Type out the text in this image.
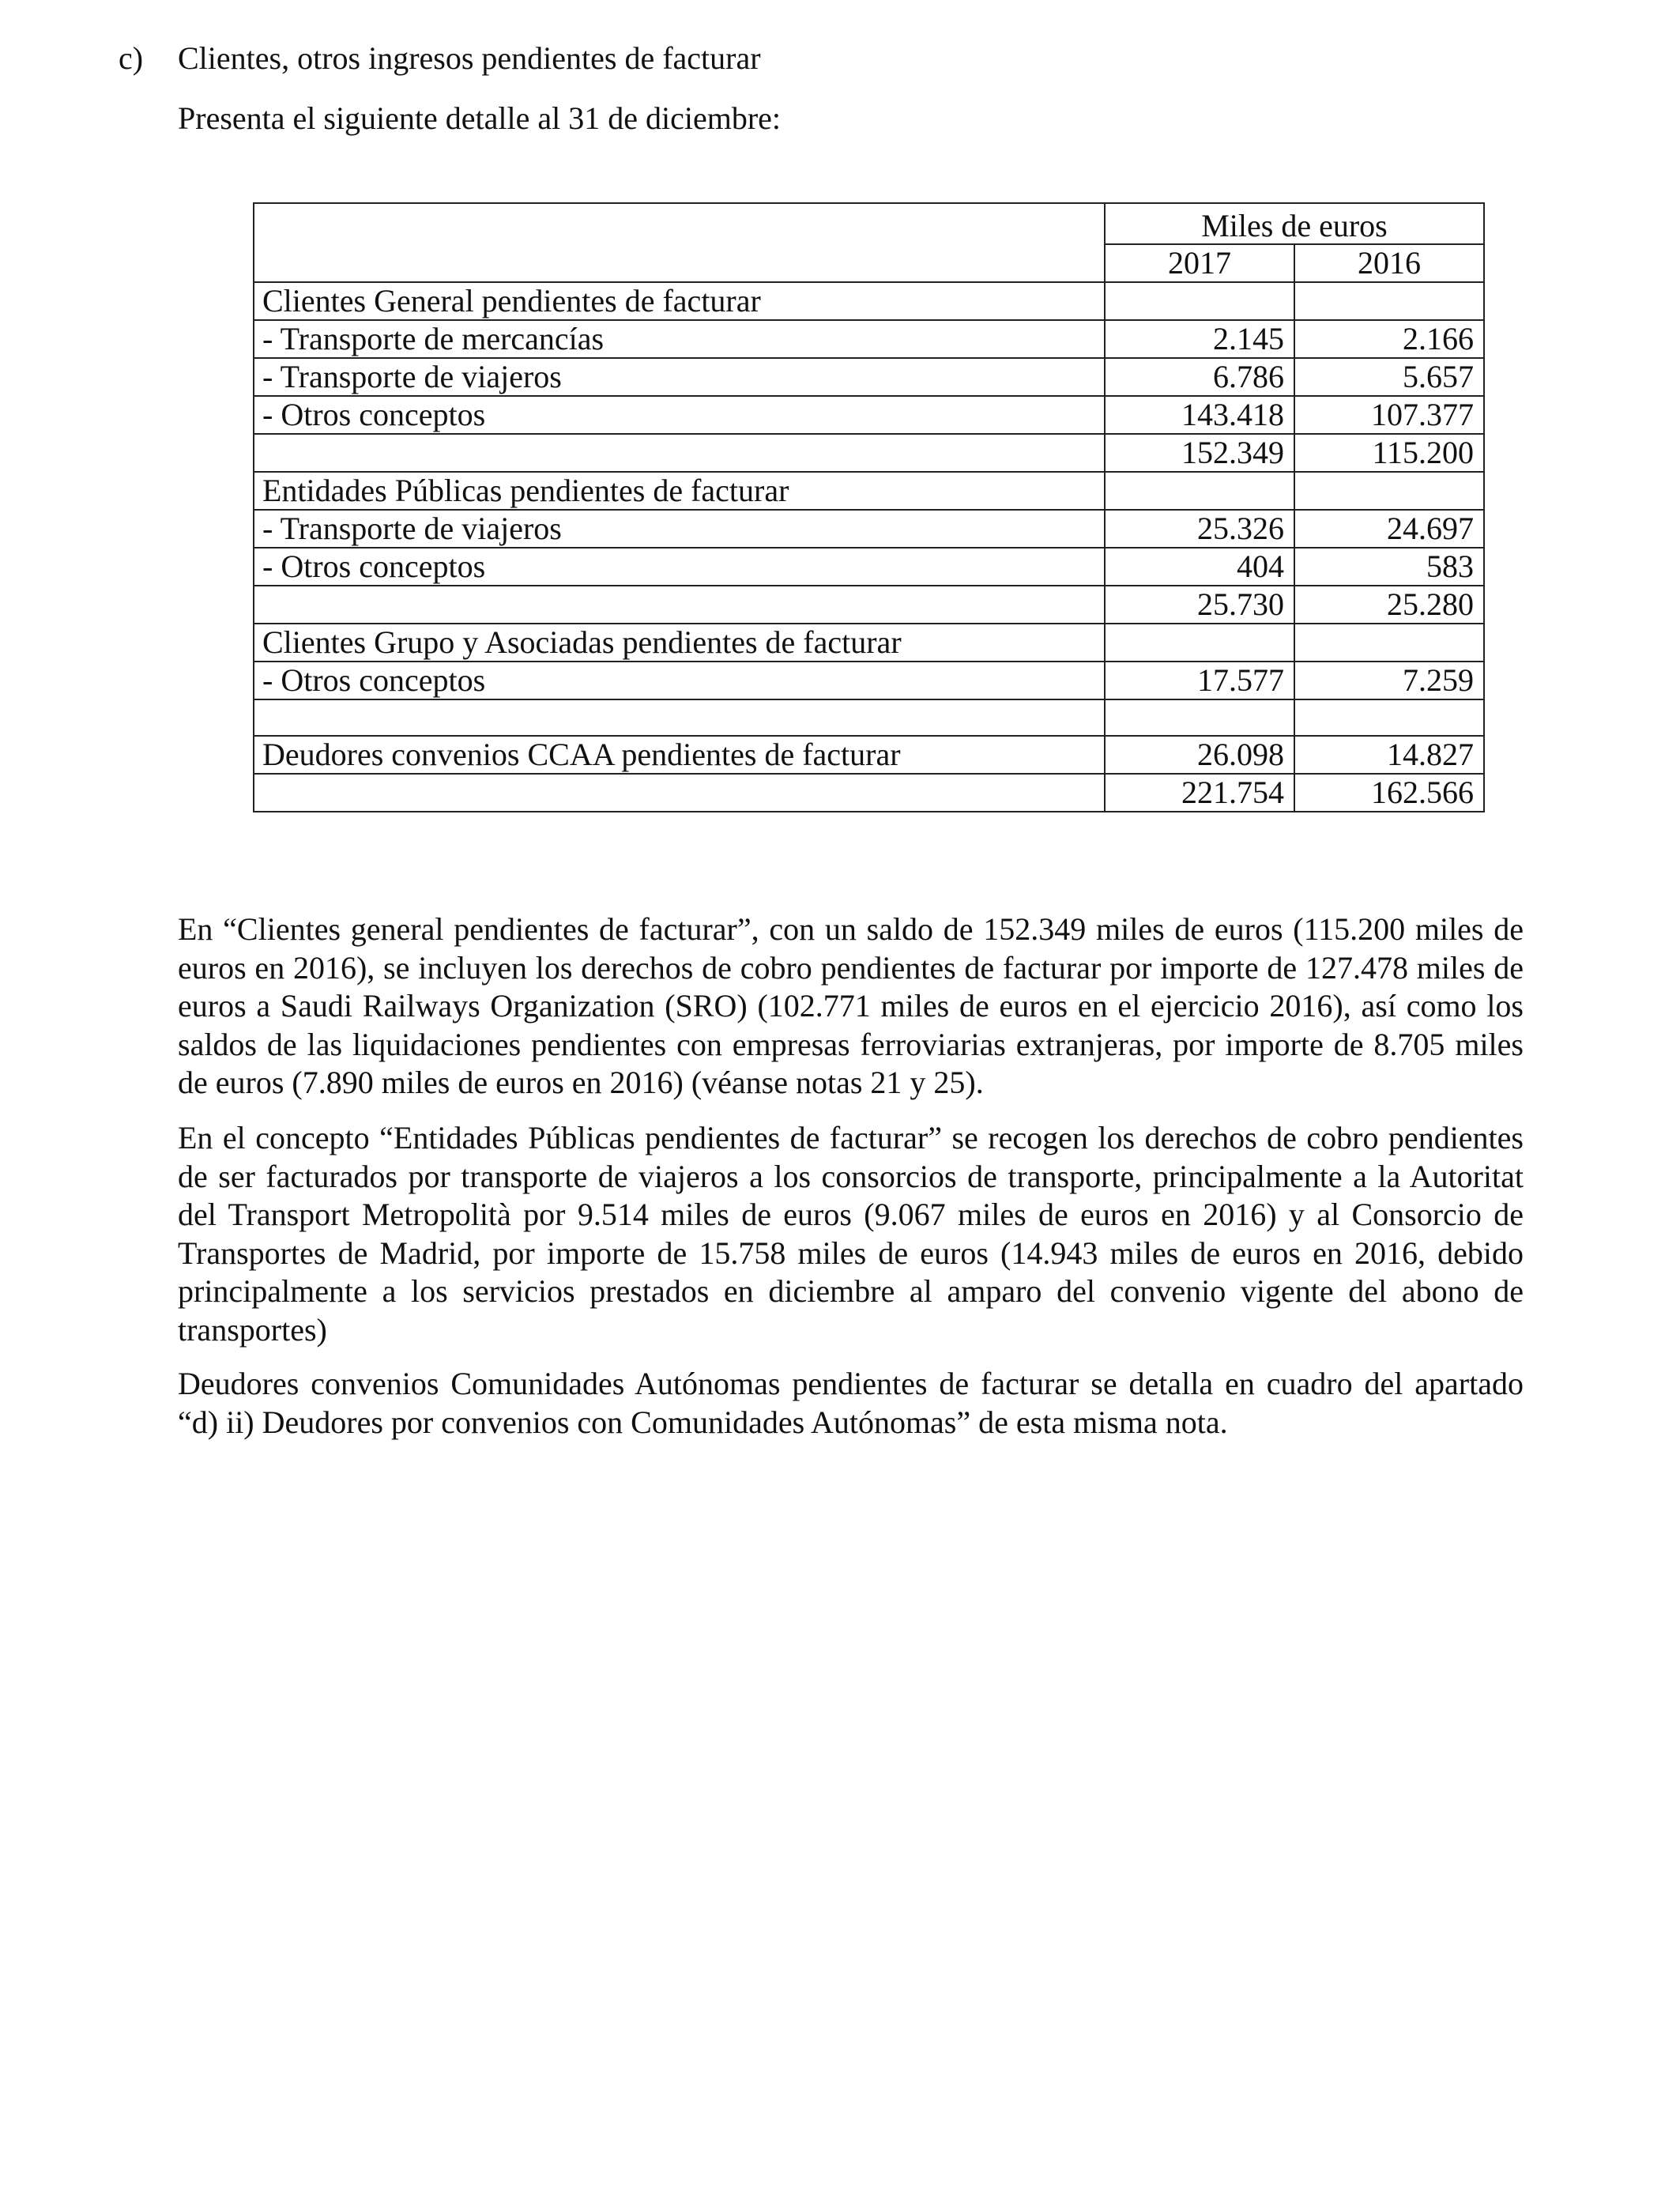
c) Clientes, otros ingresos pendientes de facturar
Presenta el siguiente detalle al 31 de diciembre:
	Miles de euros	
	2017	2016
Clientes General pendientes de facturar		
- Transporte de mercancías	2.145	2.166
- Transporte de viajeros	6.786	5.657
- Otros conceptos	143.418	107.377
	152.349	115.200
Entidades Públicas pendientes de facturar		
- Transporte de viajeros	25.326	24.697
- Otros conceptos	404	583
	25.730	25.280
Clientes Grupo y Asociadas pendientes de facturar		
- Otros conceptos	17.577	7.259

Deudores convenios CCAA pendientes de facturar	26.098	14.827
	221.754	162.566

En “Clientes general pendientes de facturar”, con un saldo de 152.349 miles de euros (115.200 miles de euros en 2016), se incluyen los derechos de cobro pendientes de facturar por importe de 127.478 miles de euros a Saudi Railways Organization (SRO) (102.771 miles de euros en el ejercicio 2016), así como los saldos de las liquidaciones pendientes con empresas ferroviarias extranjeras, por importe de 8.705 miles de euros (7.890 miles de euros en 2016) (véanse notas 21 y 25).

En el concepto “Entidades Públicas pendientes de facturar” se recogen los derechos de cobro pendientes de ser facturados por transporte de viajeros a los consorcios de transporte, principalmente a la Autoritat del Transport Metropolità por 9.514 miles de euros (9.067 miles de euros en 2016) y al Consorcio de Transportes de Madrid, por importe de 15.758 miles de euros (14.943 miles de euros en 2016, debido principalmente a los servicios prestados en diciembre al amparo del convenio vigente del abono de transportes)

Deudores convenios Comunidades Autónomas pendientes de facturar se detalla en cuadro del apartado “d) ii) Deudores por convenios con Comunidades Autónomas” de esta misma nota.
